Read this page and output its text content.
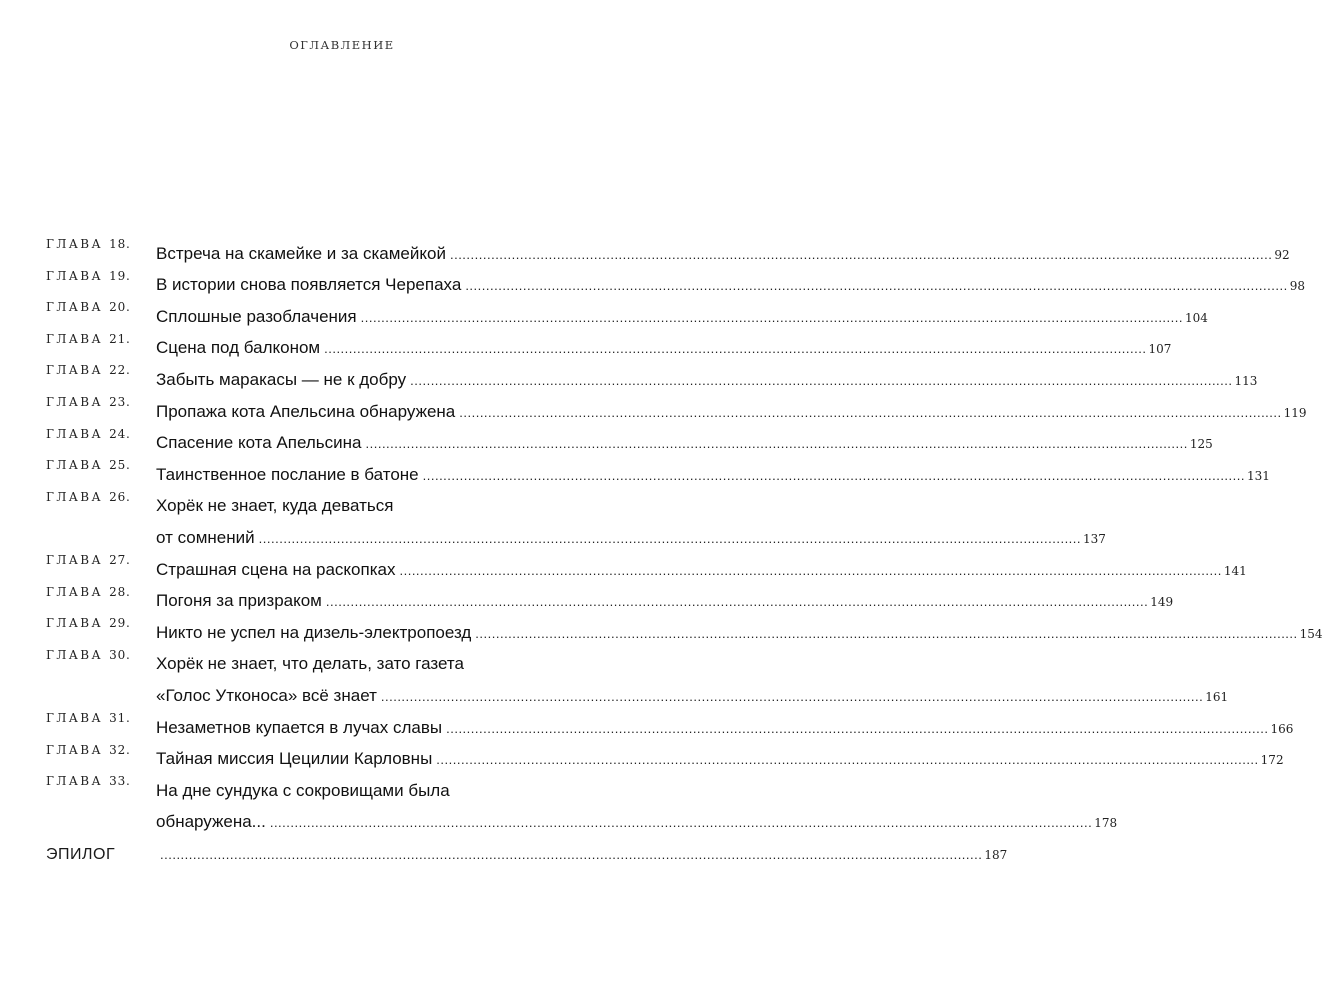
ОГЛАВЛЕНИЕ
ГЛАВА 18.	Встреча на скамейке и за скамейкой .....	92
ГЛАВА 19.	В истории снова появляется Черепаха .....	98
ГЛАВА 20.	Сплошные разоблачения .....	104
ГЛАВА 21.	Сцена под балконом .....	107
ГЛАВА 22.	Забыть маракасы — не к добру .....	113
ГЛАВА 23.	Пропажа кота Апельсина обнаружена .....	119
ГЛАВА 24.	Спасение кота Апельсина .....	125
ГЛАВА 25.	Таинственное послание в батоне .....	131
ГЛАВА 26.	Хорёк не знает, куда деваться
от сомнений .....	137
ГЛАВА 27.	Страшная сцена на раскопках .....	141
ГЛАВА 28.	Погоня за призраком .....	149
ГЛАВА 29.	Никто не успел на дизель-электропоезд .....	154
ГЛАВА 30.	Хорёк не знает, что делать, зато газета
«Голос Утконоса» всё знает .....	161
ГЛАВА 31.	Незаметнов купается в лучах славы .....	166
ГЛАВА 32.	Тайная миссия Цецилии Карловны .....	172
ГЛАВА 33.	На дне сундука с сокровищами была
обнаружена... .....	178
ЭПИЛОГ .....	187
